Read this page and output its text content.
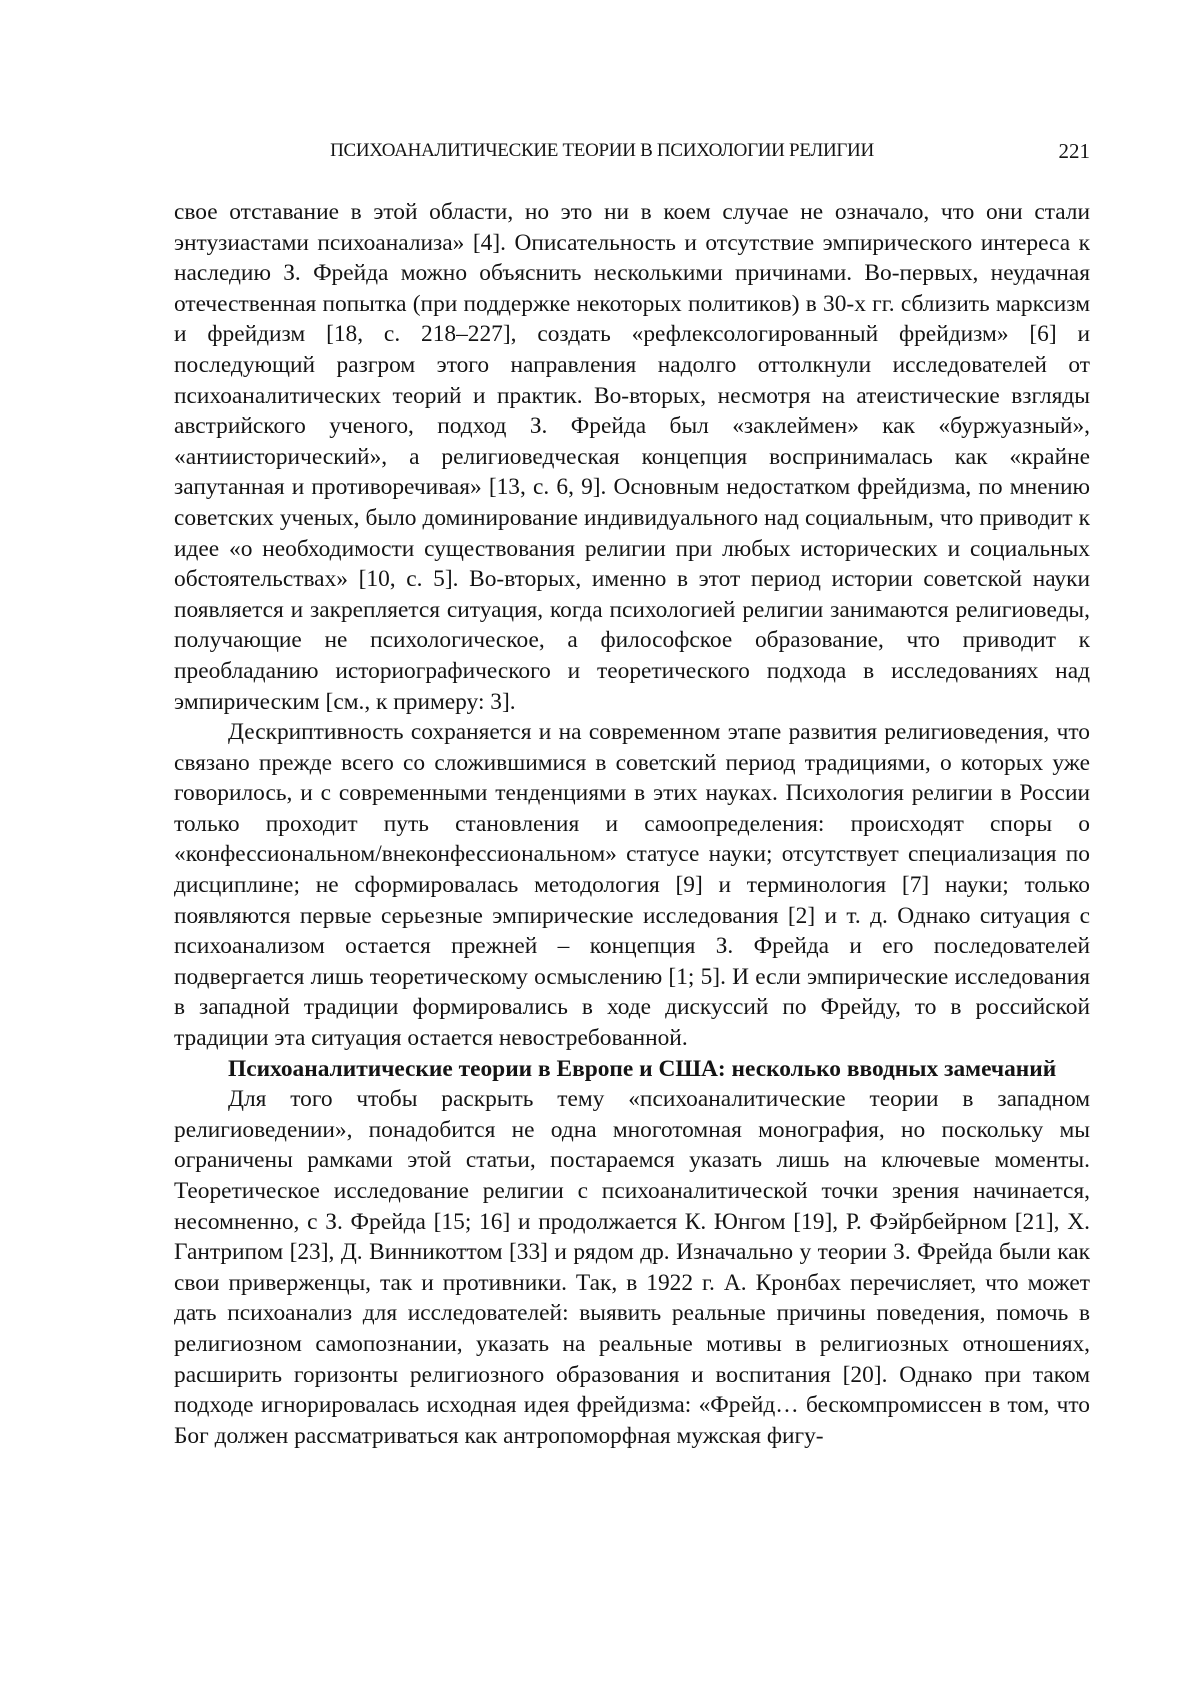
ПСИХОАНАЛИТИЧЕСКИЕ ТЕОРИИ В ПСИХОЛОГИИ РЕЛИГИИ	221

свое отставание в этой области, но это ни в коем случае не означало, что они стали энтузиастами психоанализа» [4]. Описательность и отсутствие эмпирического интереса к наследию З. Фрейда можно объяснить несколькими причинами. Во-первых, неудачная отечественная попытка (при поддержке некоторых политиков) в 30-х гг. сблизить марксизм и фрейдизм [18, с. 218–227], создать «рефлексологированный фрейдизм» [6] и последующий разгром этого направления надолго оттолкнули исследователей от психоаналитических теорий и практик. Во-вторых, несмотря на атеистические взгляды австрийского ученого, подход З. Фрейда был «заклеймен» как «буржуазный», «антиисторический», а религиоведческая концепция воспринималась как «крайне запутанная и противоречивая» [13, с. 6, 9]. Основным недостатком фрейдизма, по мнению советских ученых, было доминирование индивидуального над социальным, что приводит к идее «о необходимости существования религии при любых исторических и социальных обстоятельствах» [10, с. 5]. Во-вторых, именно в этот период истории советской науки появляется и закрепляется ситуация, когда психологией религии занимаются религиоведы, получающие не психологическое, а философское образование, что приводит к преобладанию историографического и теоретического подхода в исследованиях над эмпирическим [см., к примеру: 3].

Дескриптивность сохраняется и на современном этапе развития религиоведения, что связано прежде всего со сложившимися в советский период традициями, о которых уже говорилось, и с современными тенденциями в этих науках. Психология религии в России только проходит путь становления и самоопределения: происходят споры о «конфессиональном/внеконфессиональном» статусе науки; отсутствует специализация по дисциплине; не сформировалась методология [9] и терминология [7] науки; только появляются первые серьезные эмпирические исследования [2] и т. д. Однако ситуация с психоанализом остается прежней – концепция З. Фрейда и его последователей подвергается лишь теоретическому осмыслению [1; 5]. И если эмпирические исследования в западной традиции формировались в ходе дискуссий по Фрейду, то в российской традиции эта ситуация остается невостребованной.

Психоаналитические теории в Европе и США: несколько вводных замечаний

Для того чтобы раскрыть тему «психоаналитические теории в западном религиоведении», понадобится не одна многотомная монография, но поскольку мы ограничены рамками этой статьи, постараемся указать лишь на ключевые моменты. Теоретическое исследование религии с психоаналитической точки зрения начинается, несомненно, с З. Фрейда [15; 16] и продолжается К. Юнгом [19], Р. Фэйрбейрном [21], Х. Гантрипом [23], Д. Винникоттом [33] и рядом др. Изначально у теории З. Фрейда были как свои приверженцы, так и противники. Так, в 1922 г. А. Кронбах перечисляет, что может дать психоанализ для исследователей: выявить реальные причины поведения, помочь в религиозном самопознании, указать на реальные мотивы в религиозных отношениях, расширить горизонты религиозного образования и воспитания [20]. Однако при таком подходе игнорировалась исходная идея фрейдизма: «Фрейд… бескомпромиссен в том, что Бог должен рассматриваться как антропоморфная мужская фигу-
